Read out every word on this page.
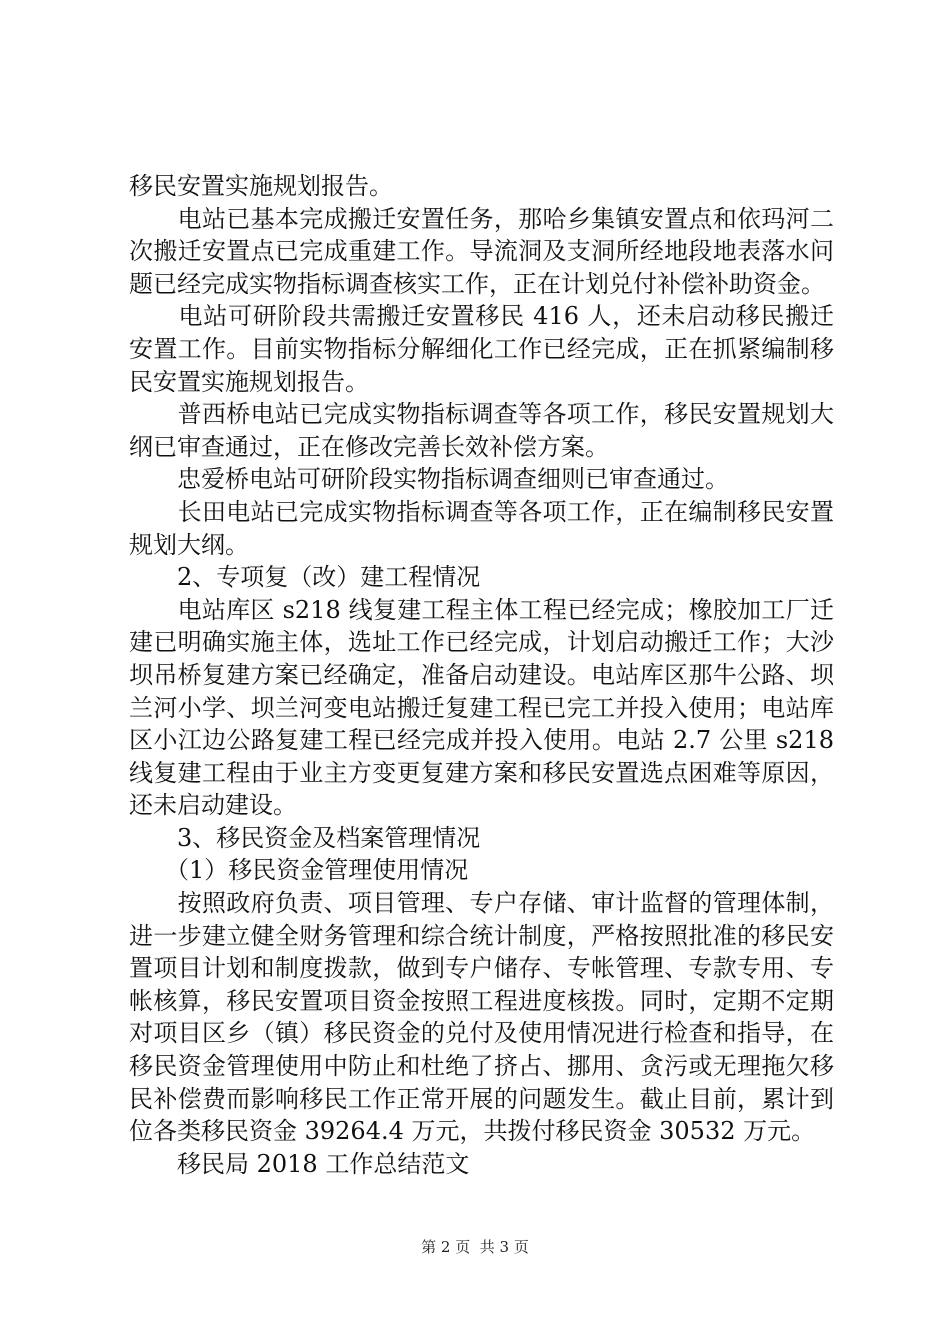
移民安置实施规划报告。

　　电站已基本完成搬迁安置任务，那哈乡集镇安置点和依玛河二次搬迁安置点已完成重建工作。导流洞及支洞所经地段地表落水问题已经完成实物指标调查核实工作，正在计划兑付补偿补助资金。

　　电站可研阶段共需搬迁安置移民 416 人，还未启动移民搬迁安置工作。目前实物指标分解细化工作已经完成，正在抓紧编制移民安置实施规划报告。

　　普西桥电站已完成实物指标调查等各项工作，移民安置规划大纲已审查通过，正在修改完善长效补偿方案。

　　忠爱桥电站可研阶段实物指标调查细则已审查通过。

　　长田电站已完成实物指标调查等各项工作，正在编制移民安置规划大纲。

　　2、专项复（改）建工程情况

　　电站库区 s218 线复建工程主体工程已经完成；橡胶加工厂迁建已明确实施主体，选址工作已经完成，计划启动搬迁工作；大沙坝吊桥复建方案已经确定，准备启动建设。电站库区那牛公路、坝兰河小学、坝兰河变电站搬迁复建工程已完工并投入使用；电站库区小江边公路复建工程已经完成并投入使用。电站 2.7 公里 s218 线复建工程由于业主方变更复建方案和移民安置选点困难等原因，还未启动建设。

　　3、移民资金及档案管理情况

　　（1）移民资金管理使用情况

　　按照政府负责、项目管理、专户存储、审计监督的管理体制，进一步建立健全财务管理和综合统计制度，严格按照批准的移民安置项目计划和制度拨款，做到专户储存、专帐管理、专款专用、专帐核算，移民安置项目资金按照工程进度核拨。同时，定期不定期对项目区乡（镇）移民资金的兑付及使用情况进行检查和指导，在移民资金管理使用中防止和杜绝了挤占、挪用、贪污或无理拖欠移民补偿费而影响移民工作正常开展的问题发生。截止目前，累计到位各类移民资金 39264.4 万元，共拨付移民资金 30532 万元。

　　移民局 2018 工作总结范文

第 2 页  共 3 页
